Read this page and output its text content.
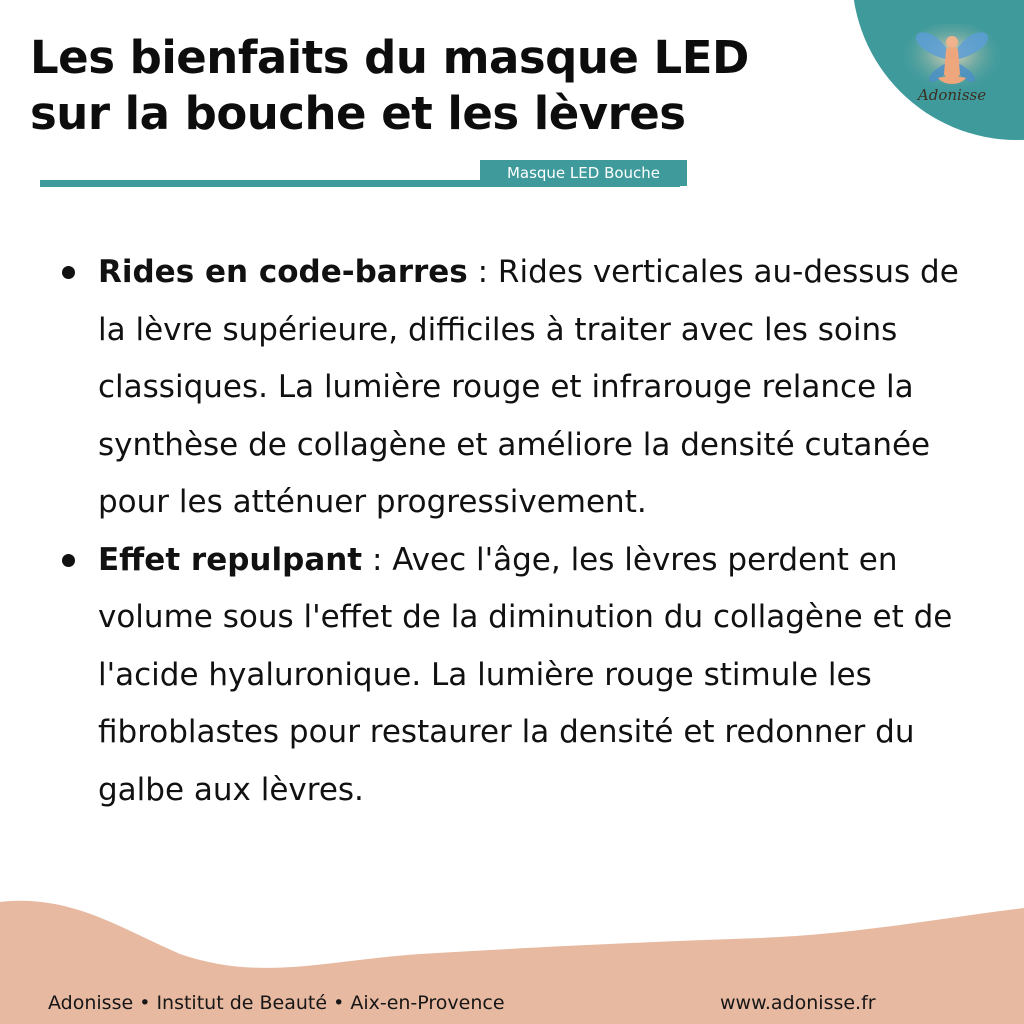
Adonisse
Les bienfaits du masque LED
sur la bouche et les lèvres
Masque LED Bouche
Rides en code-barres : Rides verticales au-dessus de la lèvre supérieure, difficiles à traiter avec les soins classiques. La lumière rouge et infrarouge relance la synthèse de collagène et améliore la densité cutanée pour les atténuer progressivement.
Effet repulpant : Avec l'âge, les lèvres perdent en volume sous l'effet de la diminution du collagène et de l'acide hyaluronique. La lumière rouge stimule les fibroblastes pour restaurer la densité et redonner du galbe aux lèvres.
Adonisse • Institut de Beauté • Aix-en-Provence	www.adonisse.fr
